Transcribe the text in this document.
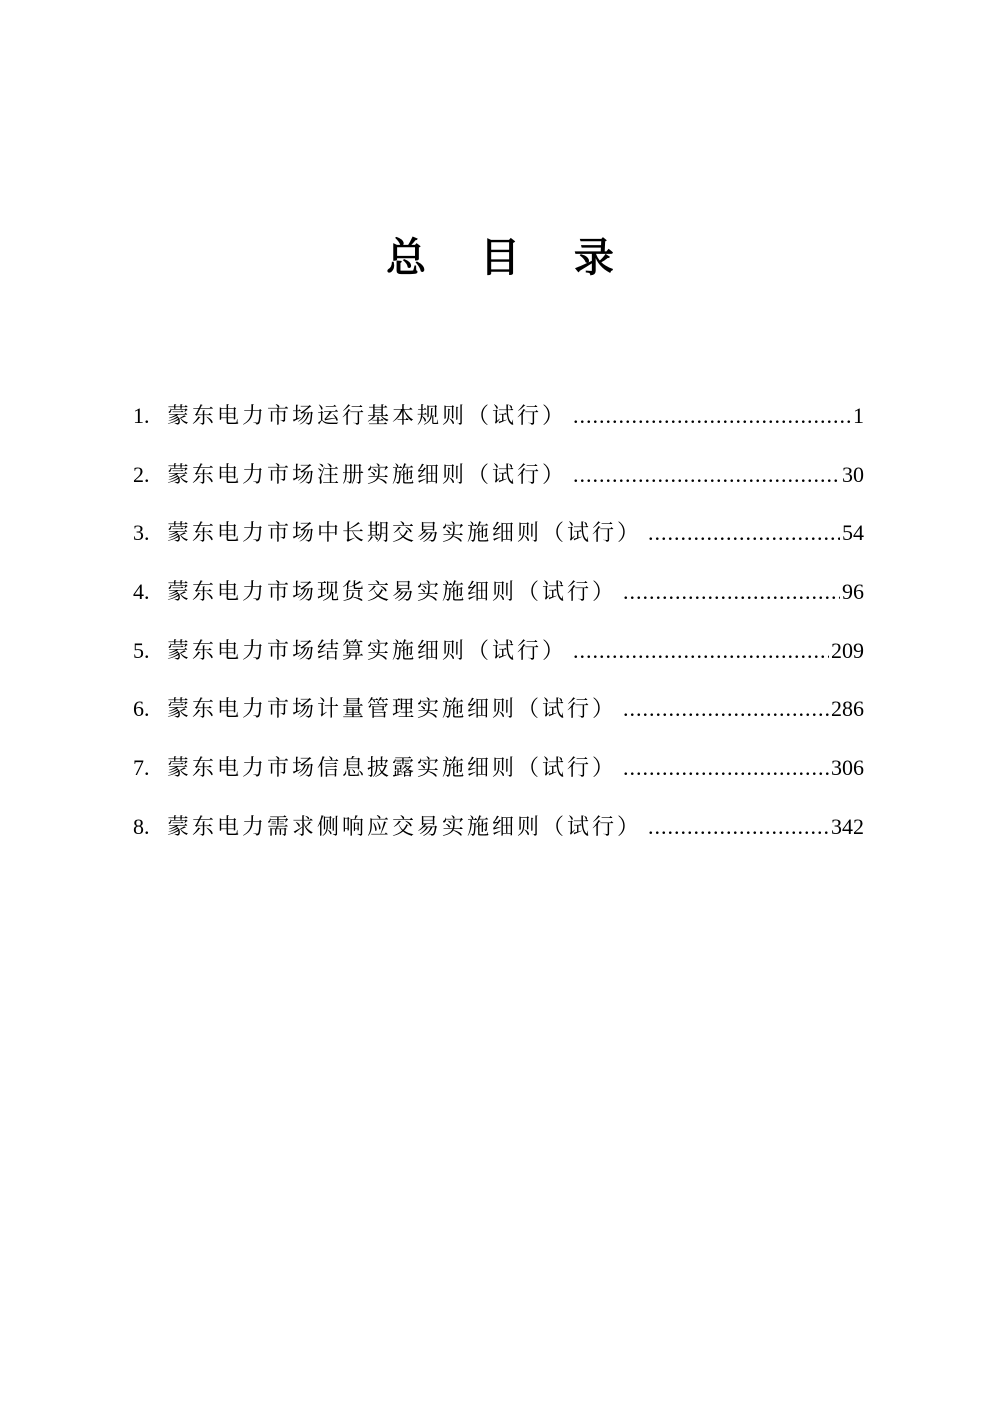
总 目 录
1. 蒙东电力市场运行基本规则（试行） .....	1
2. 蒙东电力市场注册实施细则（试行） .....	30
3. 蒙东电力市场中长期交易实施细则（试行） .....	54
4. 蒙东电力市场现货交易实施细则（试行） .....	96
5. 蒙东电力市场结算实施细则（试行） .....	209
6. 蒙东电力市场计量管理实施细则（试行） .....	286
7. 蒙东电力市场信息披露实施细则（试行） .....	306
8. 蒙东电力需求侧响应交易实施细则（试行） .....	342
